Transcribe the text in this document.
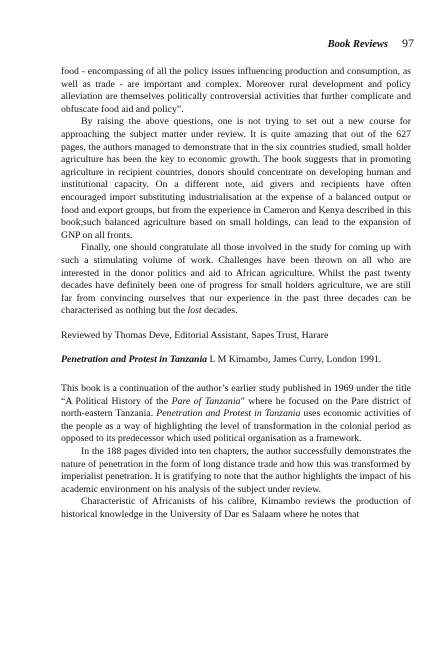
Book Reviews 97

food - encompassing of all the policy issues influencing production and consumption, as well as trade - are important and complex. Moreover rural development and policy alleviation are themselves politically controversial activities that further complicate and obfuscate food aid and policy”.

By raising the above questions, one is not trying to set out a new course for approaching the subject matter under review. It is quite amazing that out of the 627 pages, the authors managed to demonstrate that in the six countries studied, small holder agriculture has been the key to economic growth. The book suggests that in promoting agriculture in recipient countries, donors should concentrate on developing human and institutional capacity. On a different note, aid givers and recipients have often encouraged import substituting industrialisation at the expense of a balanced output or food and export groups, but from the experience in Cameron and Kenya described in this book,such balanced agriculture based on small holdings, can lead to the expansion of GNP on all fronts.

Finally, one should congratulate all those involved in the study for coming up with such a stimulating volume of work. Challenges have been thrown on all who are interested in the donor politics and aid to African agriculture. Whilst the past twenty decades have definitely been one of progress for small holders agriculture, we are still far from convincing ourselves that our experience in the past three decades can be characterised as nothing but the lost decades.

Reviewed by Thomas Deve, Editorial Assistant, Sapes Trust, Harare

Penetration and Protest in Tanzania L M Kimambo, James Curry, London 1991.

This book is a continuation of the author’s earlier study published in 1969 under the title “A Political History of the Pare of Tanzania” where he focused on the Pare district of north-eastern Tanzania. Penetration and Protest in Tanzania uses economic activities of the people as a way of highlighting the level of transformation in the colonial period as opposed to its predecessor which used political organisation as a framework.

In the 188 pages divided into ten chapters, the author successfully demonstrates the nature of penetration in the form of long distance trade and how this was transformed by imperialist penetration. It is gratifying to note that the author highlights the impact of his academic environment on his analysis of the subject under review.

Characteristic of Africanists of his calibre, Kimambo reviews the production of historical knowledge in the University of Dar es Salaam where he notes that
